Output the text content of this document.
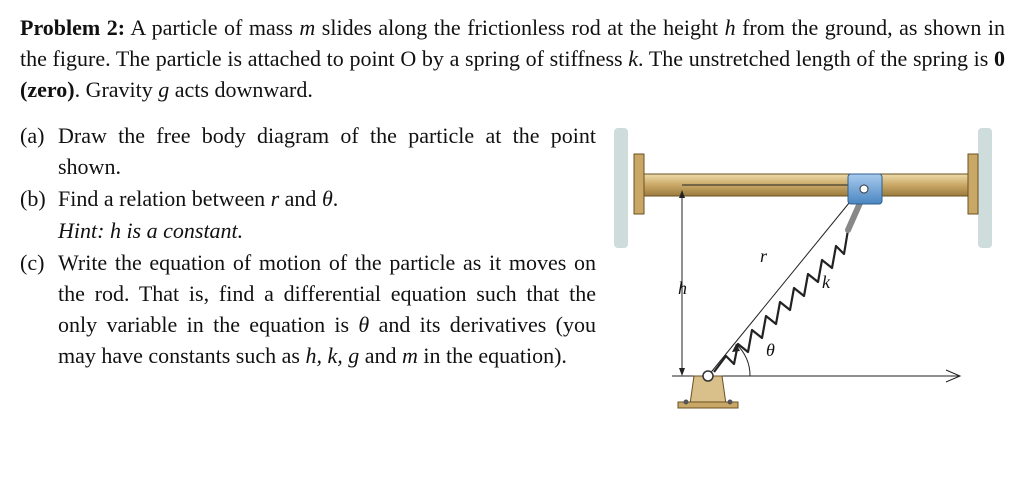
Problem 2: A particle of mass m slides along the frictionless rod at the height h from the ground, as shown in the figure. The particle is attached to point O by a spring of stiffness k. The unstretched length of the spring is 0 (zero). Gravity g acts downward.
(a) Draw the free body diagram of the particle at the point shown.
(b) Find a relation between r and θ.
Hint: h is a constant.
(c) Write the equation of motion of the particle as it moves on the rod. That is, find a differential equation such that the only variable in the equation is θ and its derivatives (you may have constants such as h, k, g and m in the equation).
h
r
k
θ
